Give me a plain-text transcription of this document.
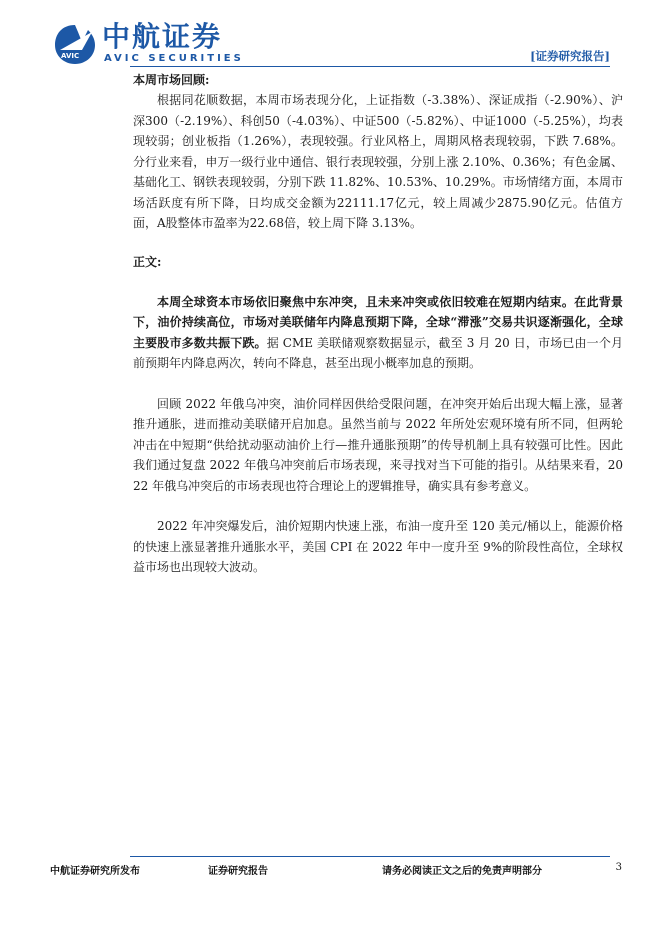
AVIC
中航证券
AVIC SECURITIES	[证券研究报告]

本周市场回顾:

根据同花顺数据，本周市场表现分化，上证指数（-3.38%）、深证成指（-2.90%）、沪深300（-2.19%）、科创50（-4.03%）、中证500（-5.82%）、中证1000（-5.25%），均表现较弱；创业板指（1.26%），表现较强。行业风格上，周期风格表现较弱，下跌 7.68%。分行业来看，申万一级行业中通信、银行表现较强，分别上涨 2.10%、0.36%；有色金属、基础化工、钢铁表现较弱，分别下跌 11.82%、10.53%、10.29%。市场情绪方面，本周市场活跃度有所下降，日均成交金额为22111.17亿元，较上周减少2875.90亿元。估值方面，A股整体市盈率为22.68倍，较上周下降 3.13%。

正文:

本周全球资本市场依旧聚焦中东冲突，且未来冲突或依旧较难在短期内结束。在此背景下，油价持续高位，市场对美联储年内降息预期下降，全球“滞涨”交易共识逐渐强化，全球主要股市多数共振下跌。据 CME 美联储观察数据显示，截至 3 月 20 日，市场已由一个月前预期年内降息两次，转向不降息，甚至出现小概率加息的预期。

回顾 2022 年俄乌冲突，油价同样因供给受限问题，在冲突开始后出现大幅上涨，显著推升通胀，进而推动美联储开启加息。虽然当前与 2022 年所处宏观环境有所不同，但两轮冲击在中短期“供给扰动驱动油价上行—推升通胀预期”的传导机制上具有较强可比性。因此我们通过复盘 2022 年俄乌冲突前后市场表现，来寻找对当下可能的指引。从结果来看，2022 年俄乌冲突后的市场表现也符合理论上的逻辑推导，确实具有参考意义。

2022 年冲突爆发后，油价短期内快速上涨，布油一度升至 120 美元/桶以上，能源价格的快速上涨显著推升通胀水平，美国 CPI 在 2022 年中一度升至 9%的阶段性高位，全球权益市场也出现较大波动。

中航证券研究所发布	证券研究报告	请务必阅读正文之后的免责声明部分	3
